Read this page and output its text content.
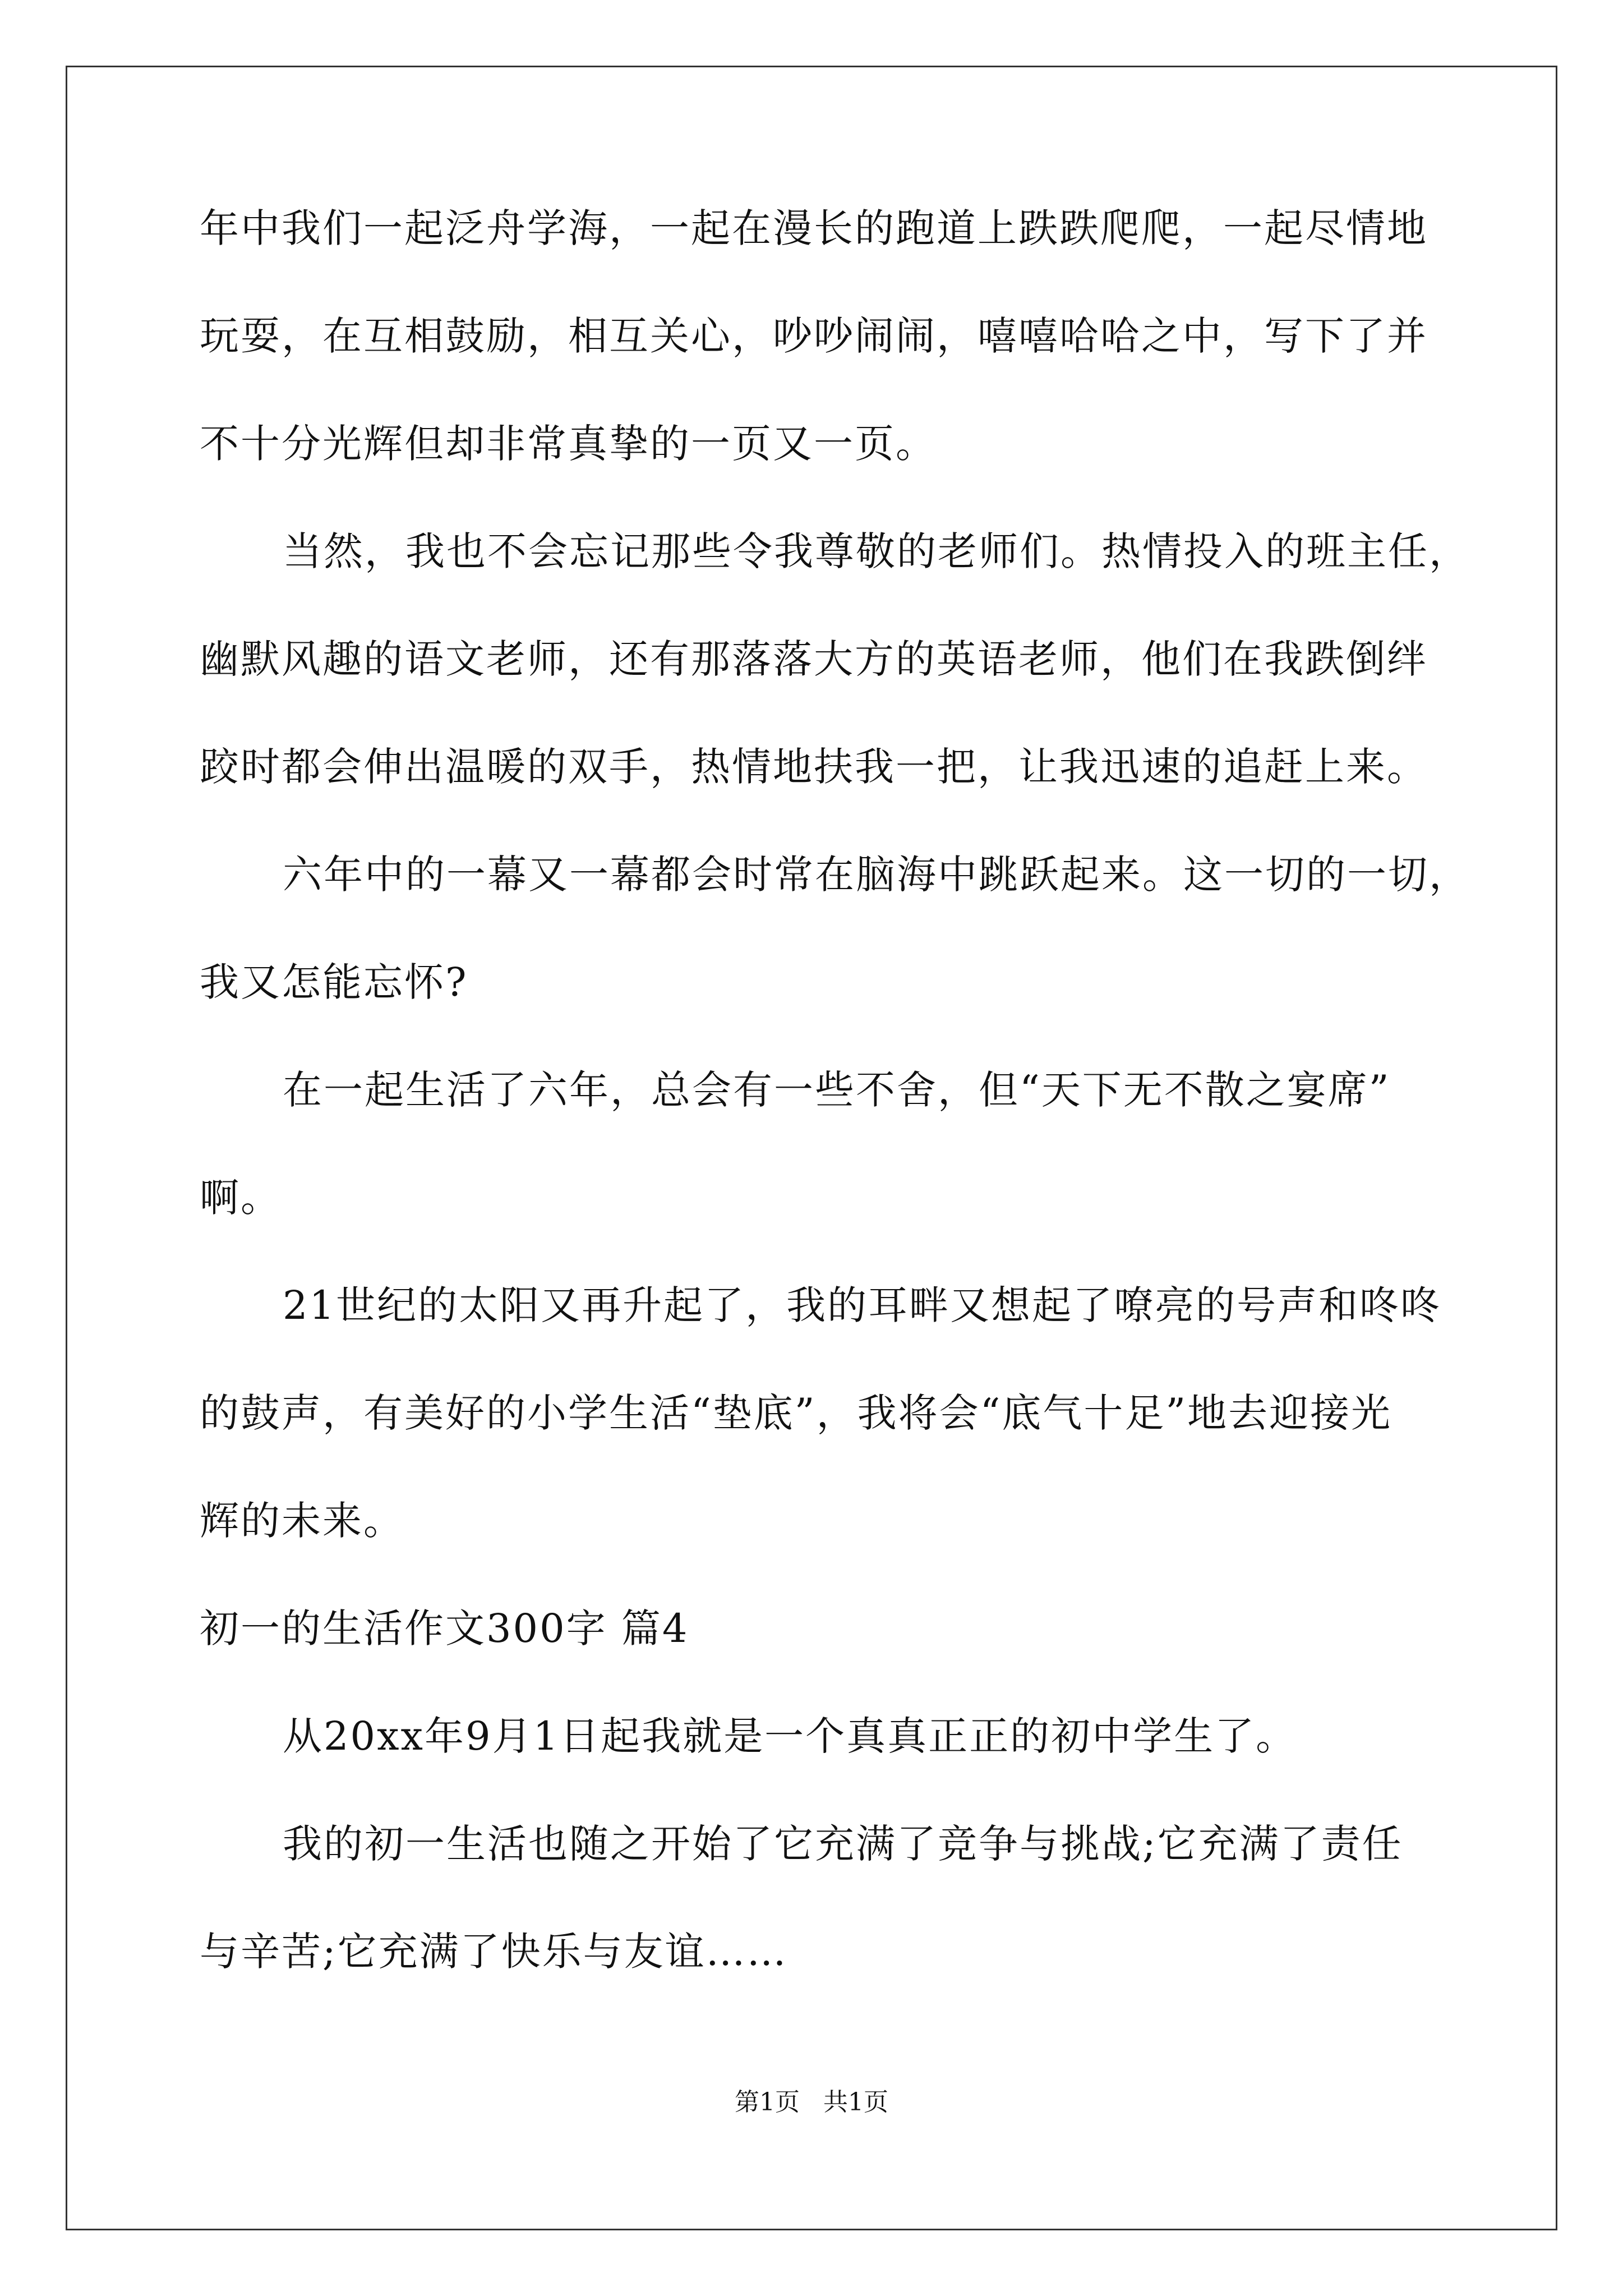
年中我们一起泛舟学海，一起在漫长的跑道上跌跌爬爬，一起尽情地
玩耍，在互相鼓励，相互关心，吵吵闹闹，嘻嘻哈哈之中，写下了并
不十分光辉但却非常真挚的一页又一页。
当然，我也不会忘记那些令我尊敬的老师们。热情投入的班主任，
幽默风趣的语文老师，还有那落落大方的英语老师，他们在我跌倒绊
跤时都会伸出温暖的双手，热情地扶我一把，让我迅速的追赶上来。
六年中的一幕又一幕都会时常在脑海中跳跃起来。这一切的一切，
我又怎能忘怀?
在一起生活了六年，总会有一些不舍，但“天下无不散之宴席”
啊。
21世纪的太阳又再升起了，我的耳畔又想起了嘹亮的号声和咚咚
的鼓声，有美好的小学生活“垫底”，我将会“底气十足”地去迎接光
辉的未来。
初一的生活作文300字 篇4
从20xx年9月1日起我就是一个真真正正的初中学生了。
我的初一生活也随之开始了它充满了竞争与挑战;它充满了责任
与辛苦;它充满了快乐与友谊……
第1页   共1页
